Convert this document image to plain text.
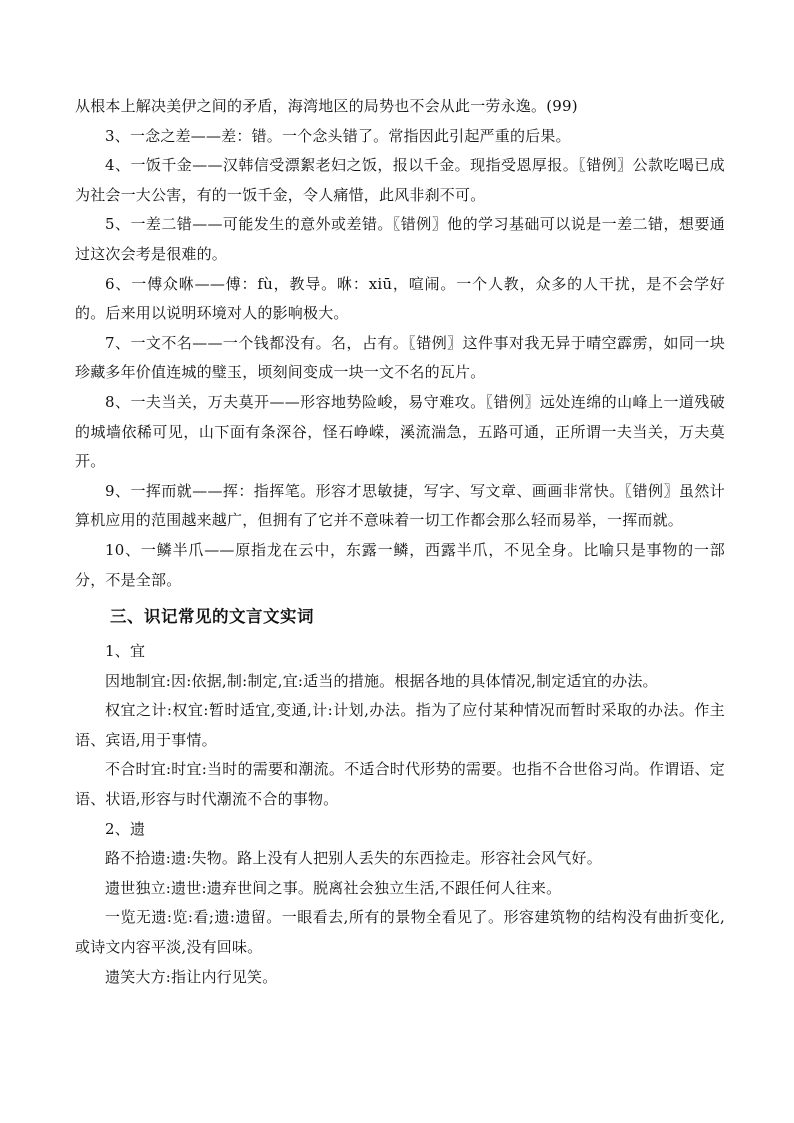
从根本上解决美伊之间的矛盾，海湾地区的局势也不会从此一劳永逸。(99)

3、一念之差——差：错。一个念头错了。常指因此引起严重的后果。

4、一饭千金——汉韩信受漂絮老妇之饭，报以千金。现指受恩厚报。〖错例〗公款吃喝已成为社会一大公害，有的一饭千金，令人痛惜，此风非刹不可。

5、一差二错——可能发生的意外或差错。〖错例〗他的学习基础可以说是一差二错，想要通过这次会考是很难的。

6、一傅众咻——傅：fù，教导。咻：xiū，喧闹。一个人教，众多的人干扰，是不会学好的。后来用以说明环境对人的影响极大。

7、一文不名——一个钱都没有。名，占有。〖错例〗这件事对我无异于晴空霹雳，如同一块珍藏多年价值连城的璧玉，顷刻间变成一块一文不名的瓦片。

8、一夫当关，万夫莫开——形容地势险峻，易守难攻。〖错例〗远处连绵的山峰上一道残破的城墙依稀可见，山下面有条深谷，怪石峥嵘，溪流湍急，五路可通，正所谓一夫当关，万夫莫开。

9、一挥而就——挥：指挥笔。形容才思敏捷，写字、写文章、画画非常快。〖错例〗虽然计算机应用的范围越来越广，但拥有了它并不意味着一切工作都会那么轻而易举，一挥而就。

10、一鳞半爪——原指龙在云中，东露一鳞，西露半爪，不见全身。比喻只是事物的一部分，不是全部。

三、识记常见的文言文实词

1、宜

因地制宜:因:依据,制:制定,宜:适当的措施。根据各地的具体情况,制定适宜的办法。

权宜之计:权宜:暂时适宜,变通,计:计划,办法。指为了应付某种情况而暂时采取的办法。作主语、宾语,用于事情。

不合时宜:时宜:当时的需要和潮流。不适合时代形势的需要。也指不合世俗习尚。作谓语、定语、状语,形容与时代潮流不合的事物。

2、遗

路不拾遗:遗:失物。路上没有人把别人丢失的东西捡走。形容社会风气好。

遗世独立:遗世:遗弃世间之事。脱离社会独立生活,不跟任何人往来。

一览无遗:览:看;遗:遗留。一眼看去,所有的景物全看见了。形容建筑物的结构没有曲折变化,或诗文内容平淡,没有回味。

遗笑大方:指让内行见笑。
